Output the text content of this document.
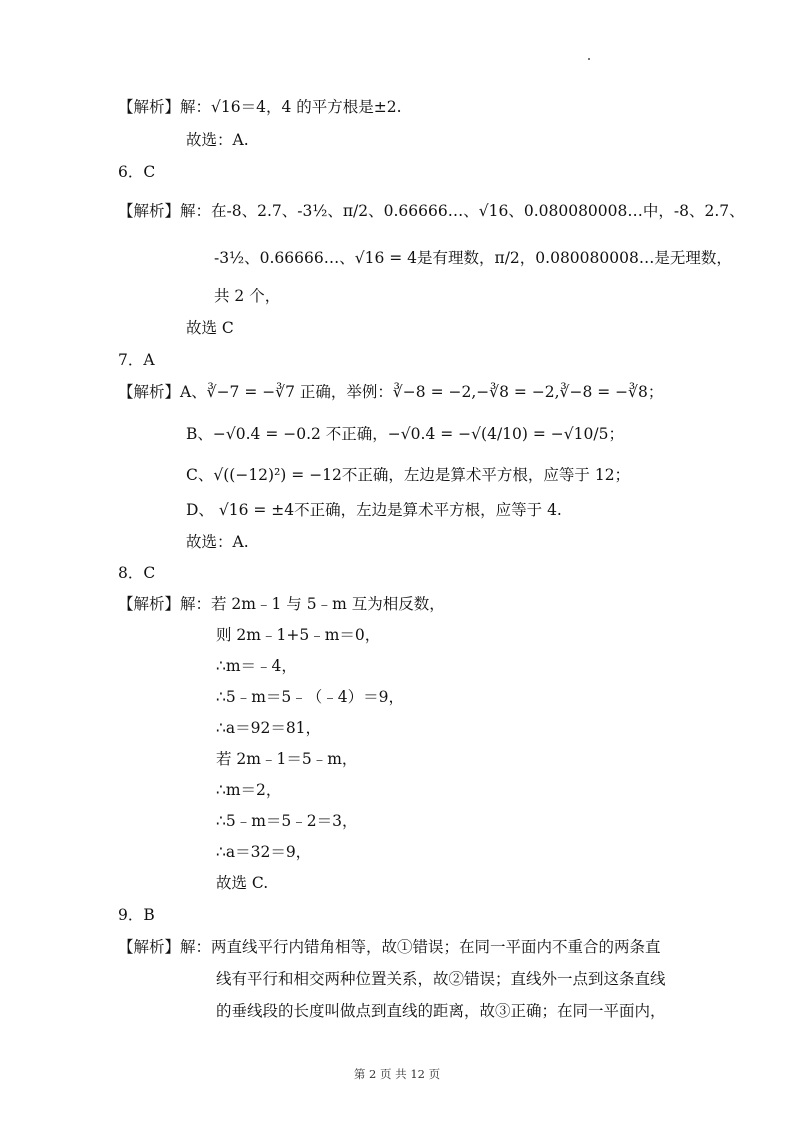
【解析】解：√16＝4，4 的平方根是±2.
故选：A.
6．C
【解析】解：在-8、2.7、-3½、π/2、0.66666…、√16、0.080080008…中，-8、2.7、
-3½、0.66666…、√16 = 4是有理数，π/2，0.080080008…是无理数，
共 2 个，
故选 C
7．A
【解析】A、∛−7 = −∛7 正确，举例：∛−8 = −2,−∛8 = −2,∛−8 = −∛8；
B、−√0.4 = −0.2 不正确，−√0.4 = −√(4/10) = −√10/5；
C、√((−12)²) = −12不正确，左边是算术平方根，应等于 12；
D、 √16 = ±4不正确，左边是算术平方根，应等于 4.
故选：A.
8．C
【解析】解：若 2m﹣1 与 5﹣m 互为相反数，
则 2m﹣1+5﹣m＝0，
∴m＝﹣4，
∴5﹣m＝5﹣（﹣4）＝9，
∴a＝92＝81，
若 2m﹣1＝5﹣m，
∴m＝2，
∴5﹣m＝5﹣2＝3，
∴a＝32＝9，
故选 C.
9．B
【解析】解：两直线平行内错角相等，故①错误；在同一平面内不重合的两条直
线有平行和相交两种位置关系，故②错误；直线外一点到这条直线
的垂线段的长度叫做点到直线的距离，故③正确；在同一平面内，
第 2 页 共 12 页
